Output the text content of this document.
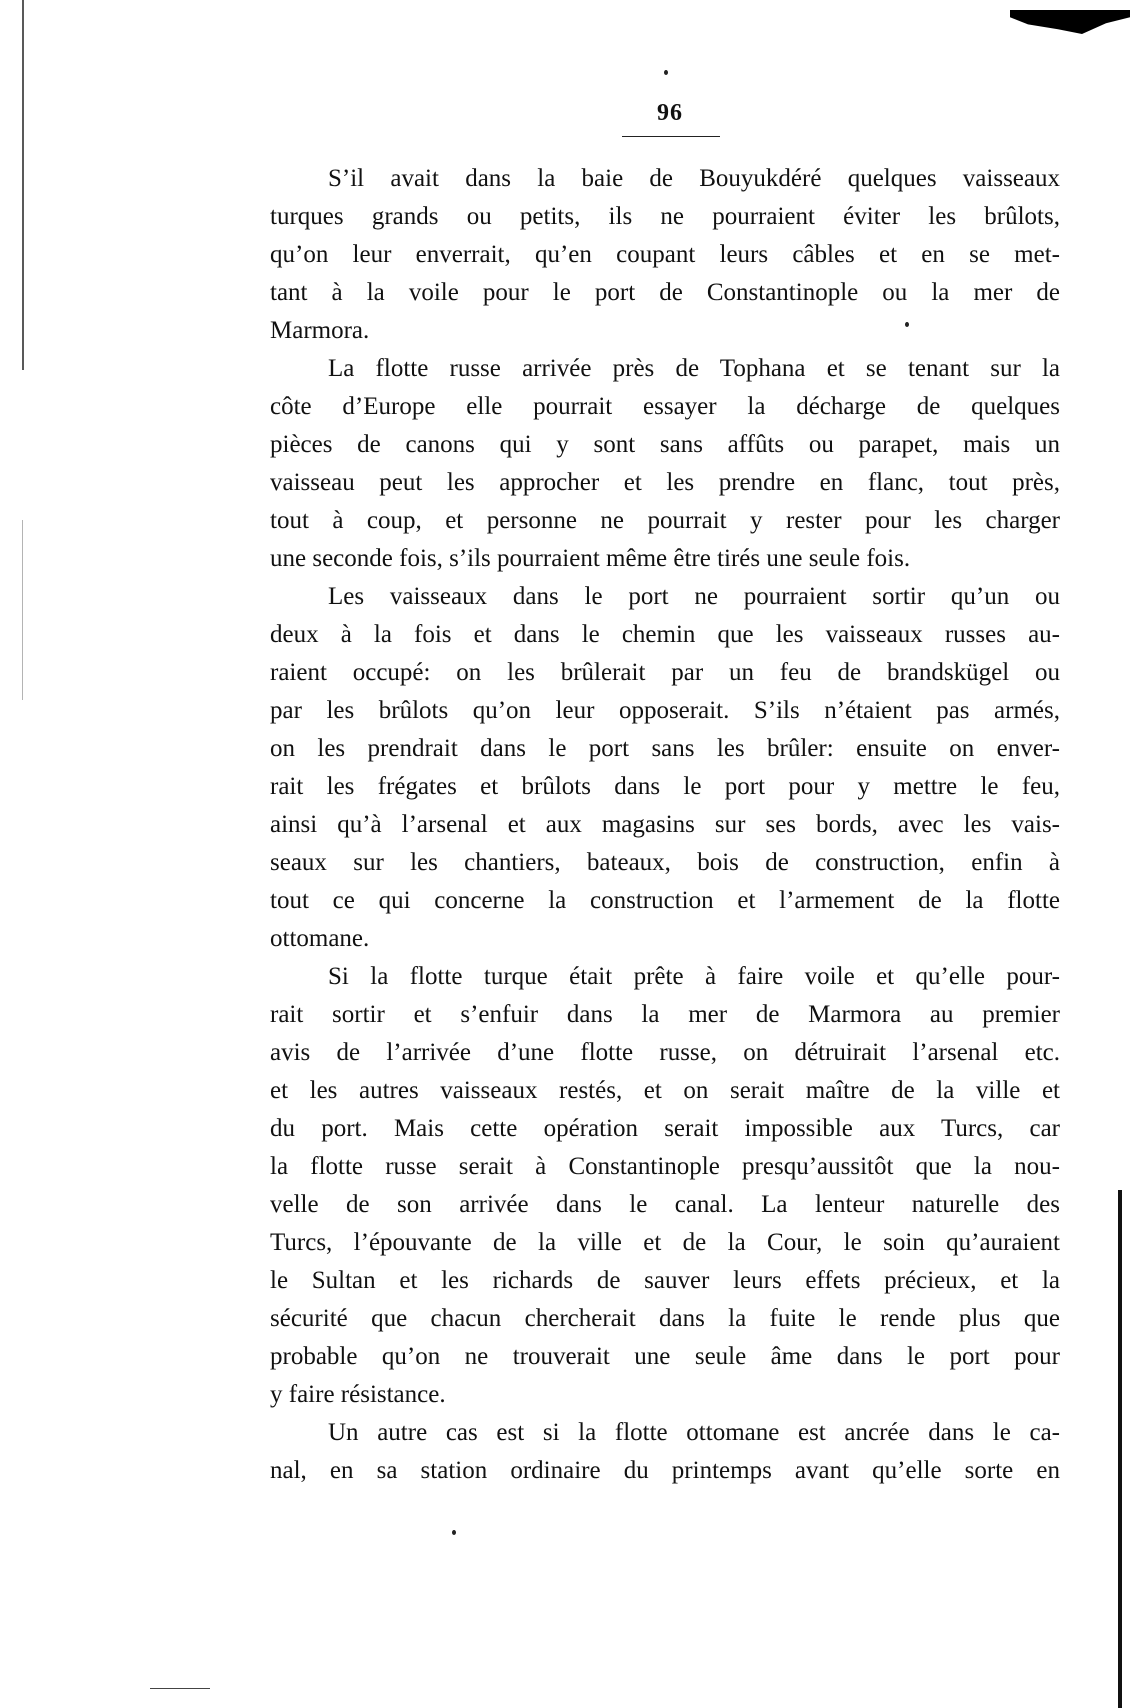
96
S’il avait dans la baie de Bouyukdéré quelques vaisseaux
turques grands ou petits, ils ne pourraient éviter les brûlots,
qu’on leur enverrait, qu’en coupant leurs câbles et en se met-
tant à la voile pour le port de Constantinople ou la mer de
Marmora.
La flotte russe arrivée près de Tophana et se tenant sur la
côte d’Europe elle pourrait essayer la décharge de quelques
pièces de canons qui y sont sans affûts ou parapet, mais un
vaisseau peut les approcher et les prendre en flanc, tout près,
tout à coup, et personne ne pourrait y rester pour les charger
une seconde fois, s’ils pourraient même être tirés une seule fois.
Les vaisseaux dans le port ne pourraient sortir qu’un ou
deux à la fois et dans le chemin que les vaisseaux russes au-
raient occupé: on les brûlerait par un feu de brandskügel ou
par les brûlots qu’on leur opposerait. S’ils n’étaient pas armés,
on les prendrait dans le port sans les brûler: ensuite on enver-
rait les frégates et brûlots dans le port pour y mettre le feu,
ainsi qu’à l’arsenal et aux magasins sur ses bords, avec les vais-
seaux sur les chantiers, bateaux, bois de construction, enfin à
tout ce qui concerne la construction et l’armement de la flotte
ottomane.
Si la flotte turque était prête à faire voile et qu’elle pour-
rait sortir et s’enfuir dans la mer de Marmora au premier
avis de l’arrivée d’une flotte russe, on détruirait l’arsenal etc.
et les autres vaisseaux restés, et on serait maître de la ville et
du port. Mais cette opération serait impossible aux Turcs, car
la flotte russe serait à Constantinople presqu’aussitôt que la nou-
velle de son arrivée dans le canal. La lenteur naturelle des
Turcs, l’épouvante de la ville et de la Cour, le soin qu’auraient
le Sultan et les richards de sauver leurs effets précieux, et la
sécurité que chacun chercherait dans la fuite le rende plus que
probable qu’on ne trouverait une seule âme dans le port pour
y faire résistance.
Un autre cas est si la flotte ottomane est ancrée dans le ca-
nal, en sa station ordinaire du printemps avant qu’elle sorte en
